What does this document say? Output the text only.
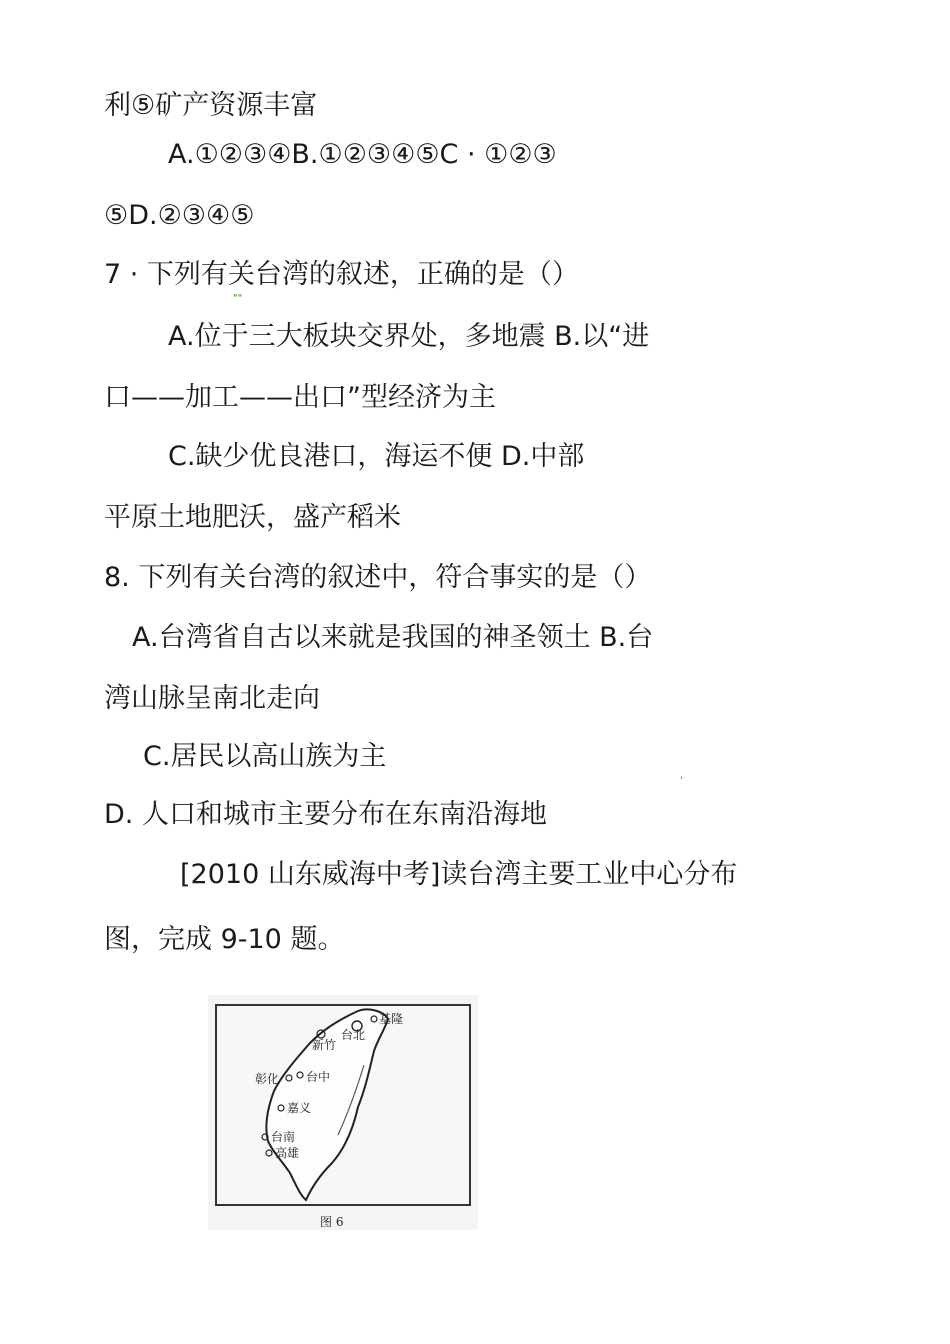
利⑤矿产资源丰富
A.①②③④B.①②③④⑤C · ①②③
⑤D.②③④⑤
7 · 下列有关台湾的叙述，正确的是（）
""
A.位于三大板块交界处，多地震 B.以“进
口——加工——出口”型经济为主
C.缺少优良港口，海运不便 D.中部
平原土地肥沃，盛产稻米
8. 下列有关台湾的叙述中，符合事实的是（）
A.台湾省自古以来就是我国的神圣领土 B.台
湾山脉呈南北走向
C.居民以高山族为主
,
D. 人口和城市主要分布在东南沿海地
[2010 山东威海中考]读台湾主要工业中心分布
图，完成 9-10 题。
基隆
台北
新竹
彰化 台中
嘉义
台南
高雄
图 6
